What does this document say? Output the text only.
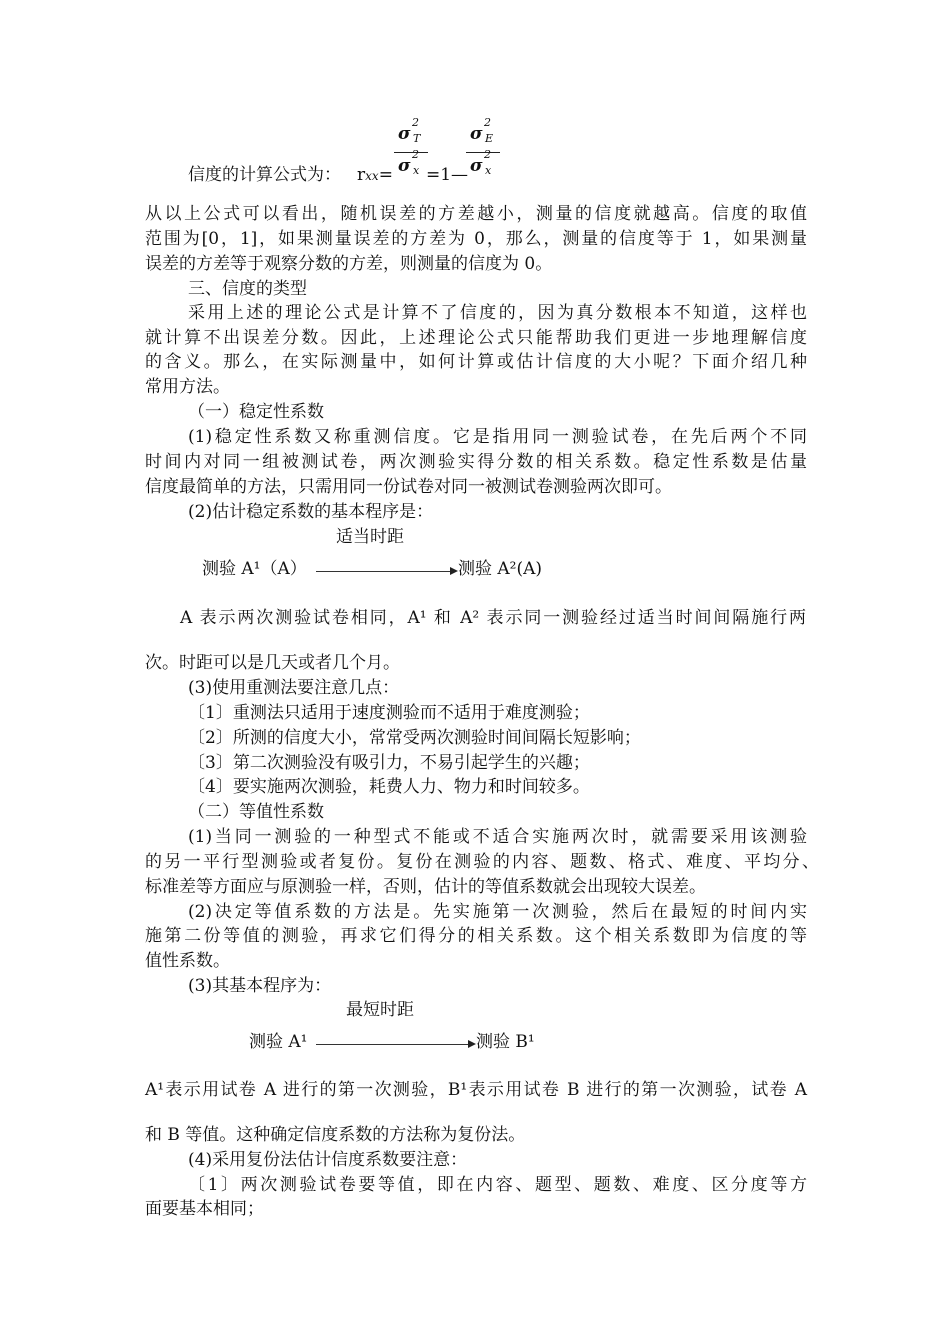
信度的计算公式为： rxx=
σ
2
T
σ
2
x =1—
σ
2
E
σ
2
x
从以上公式可以看出，随机误差的方差越小，测量的信度就越高。信度的取值
范围为[0，1]，如果测量误差的方差为 0，那么，测量的信度等于 1，如果测量
误差的方差等于观察分数的方差，则测量的信度为 0。
三、信度的类型
采用上述的理论公式是计算不了信度的，因为真分数根本不知道，这样也
就计算不出误差分数。因此，上述理论公式只能帮助我们更进一步地理解信度
的含义。那么，在实际测量中，如何计算或估计信度的大小呢？下面介绍几种
常用方法。
（一）稳定性系数
(1)稳定性系数又称重测信度。它是指用同一测验试卷，在先后两个不同
时间内对同一组被测试卷，两次测验实得分数的相关系数。稳定性系数是估量
信度最简单的方法，只需用同一份试卷对同一被测试卷测验两次即可。
(2)估计稳定系数的基本程序是：
适当时距
测验 A¹（A）	测验 A²(A)
A 表示两次测验试卷相同，A¹ 和 A² 表示同一测验经过适当时间间隔施行两
次。时距可以是几天或者几个月。
(3)使用重测法要注意几点：
〔1〕重测法只适用于速度测验而不适用于难度测验；
〔2〕所测的信度大小，常常受两次测验时间间隔长短影响；
〔3〕第二次测验没有吸引力，不易引起学生的兴趣；
〔4〕要实施两次测验，耗费人力、物力和时间较多。
（二）等值性系数
(1)当同一测验的一种型式不能或不适合实施两次时，就需要采用该测验
的另一平行型测验或者复份。复份在测验的内容、题数、格式、难度、平均分、
标准差等方面应与原测验一样，否则，估计的等值系数就会出现较大误差。
(2)决定等值系数的方法是。先实施第一次测验，然后在最短的时间内实
施第二份等值的测验，再求它们得分的相关系数。这个相关系数即为信度的等
值性系数。
(3)其基本程序为：
最短时距
测验 A¹	测验 B¹
A¹表示用试卷 A 进行的第一次测验，B¹表示用试卷 B 进行的第一次测验，试卷 A
和 B 等值。这种确定信度系数的方法称为复份法。
(4)采用复份法估计信度系数要注意：
〔1〕两次测验试卷要等值，即在内容、题型、题数、难度、区分度等方
面要基本相同；
